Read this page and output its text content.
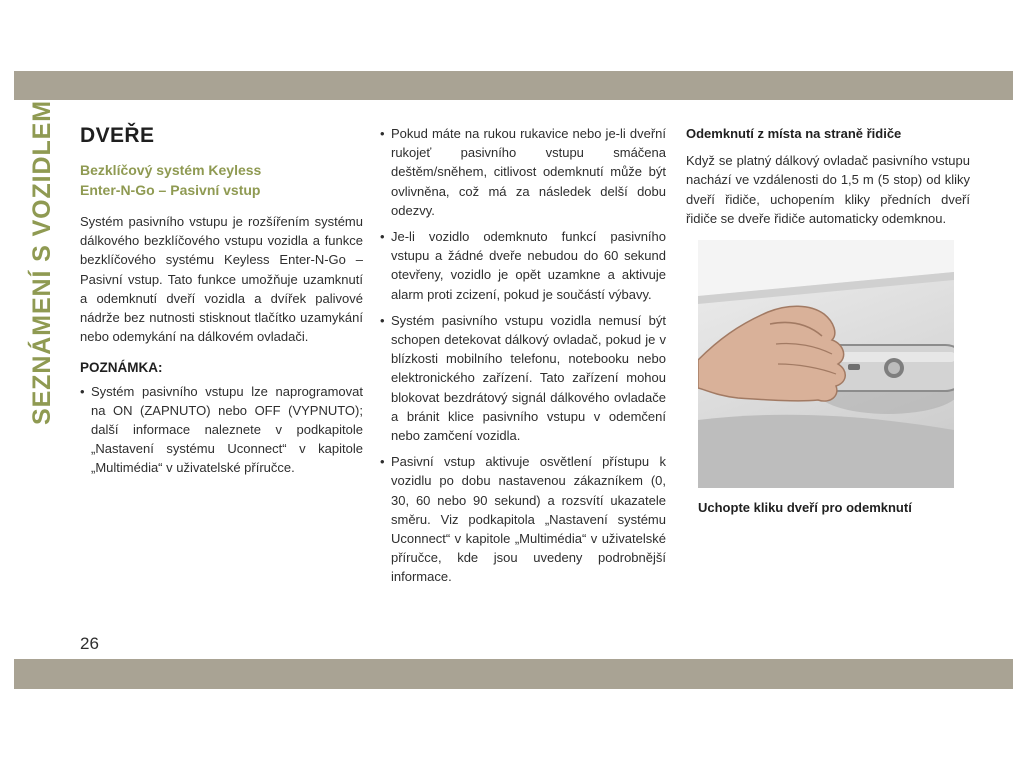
SEZNÁMENÍ S VOZIDLEM DVEŘE
Bezklíčový systém Keyless
Enter-N-Go – Pasivní vstup

Systém pasivního vstupu je rozšířením systému dálkového bezklíčového vstupu vozidla a funkce bezklíčového systému Keyless Enter-N-Go – Pasivní vstup. Tato funkce umožňuje uzamknutí a odemknutí dveří vozidla a dvířek palivové nádrže bez nutnosti stisknout tlačítko uzamykání nebo odemykání na dálkovém ovladači.

POZNÁMKA:
• Systém pasivního vstupu lze naprogramovat na ON (ZAPNUTO) nebo OFF (VYPNUTO); další informace naleznete v podkapitole „Nastavení systému Uconnect“ v kapitole „Multimédia“ v uživatelské příručce.
• Pokud máte na rukou rukavice nebo je-li dveřní rukojeť pasivního vstupu smáčena deštěm/sněhem, citlivost odemknutí může být ovlivněna, což má za následek delší dobu odezvy.
• Je-li vozidlo odemknuto funkcí pasivního vstupu a žádné dveře nebudou do 60 sekund otevřeny, vozidlo je opět uzamkne a aktivuje alarm proti zcizení, pokud je součástí výbavy.
• Systém pasivního vstupu vozidla nemusí být schopen detekovat dálkový ovladač, pokud je v blízkosti mobilního telefonu, notebooku nebo elektronického zařízení. Tato zařízení mohou blokovat bezdrátový signál dálkového ovladače a bránit klice pasivního vstupu v odemčení nebo zamčení vozidla.
• Pasivní vstup aktivuje osvětlení přístupu k vozidlu po dobu nastavenou zákazníkem (0, 30, 60 nebo 90 sekund) a rozsvítí ukazatele směru. Viz podkapitola „Nastavení systému Uconnect“ v kapitole „Multimédia“ v uživatelské příručce, kde jsou uvedeny podrobnější informace.
Odemknutí z místa na straně řidiče

Když se platný dálkový ovladač pasivního vstupu nachází ve vzdálenosti do 1,5 m (5 stop) od kliky dveří řidiče, uchopením kliky předních dveří řidiče se dveře řidiče automaticky odemknou.

Uchopte kliku dveří pro odemknutí
26
